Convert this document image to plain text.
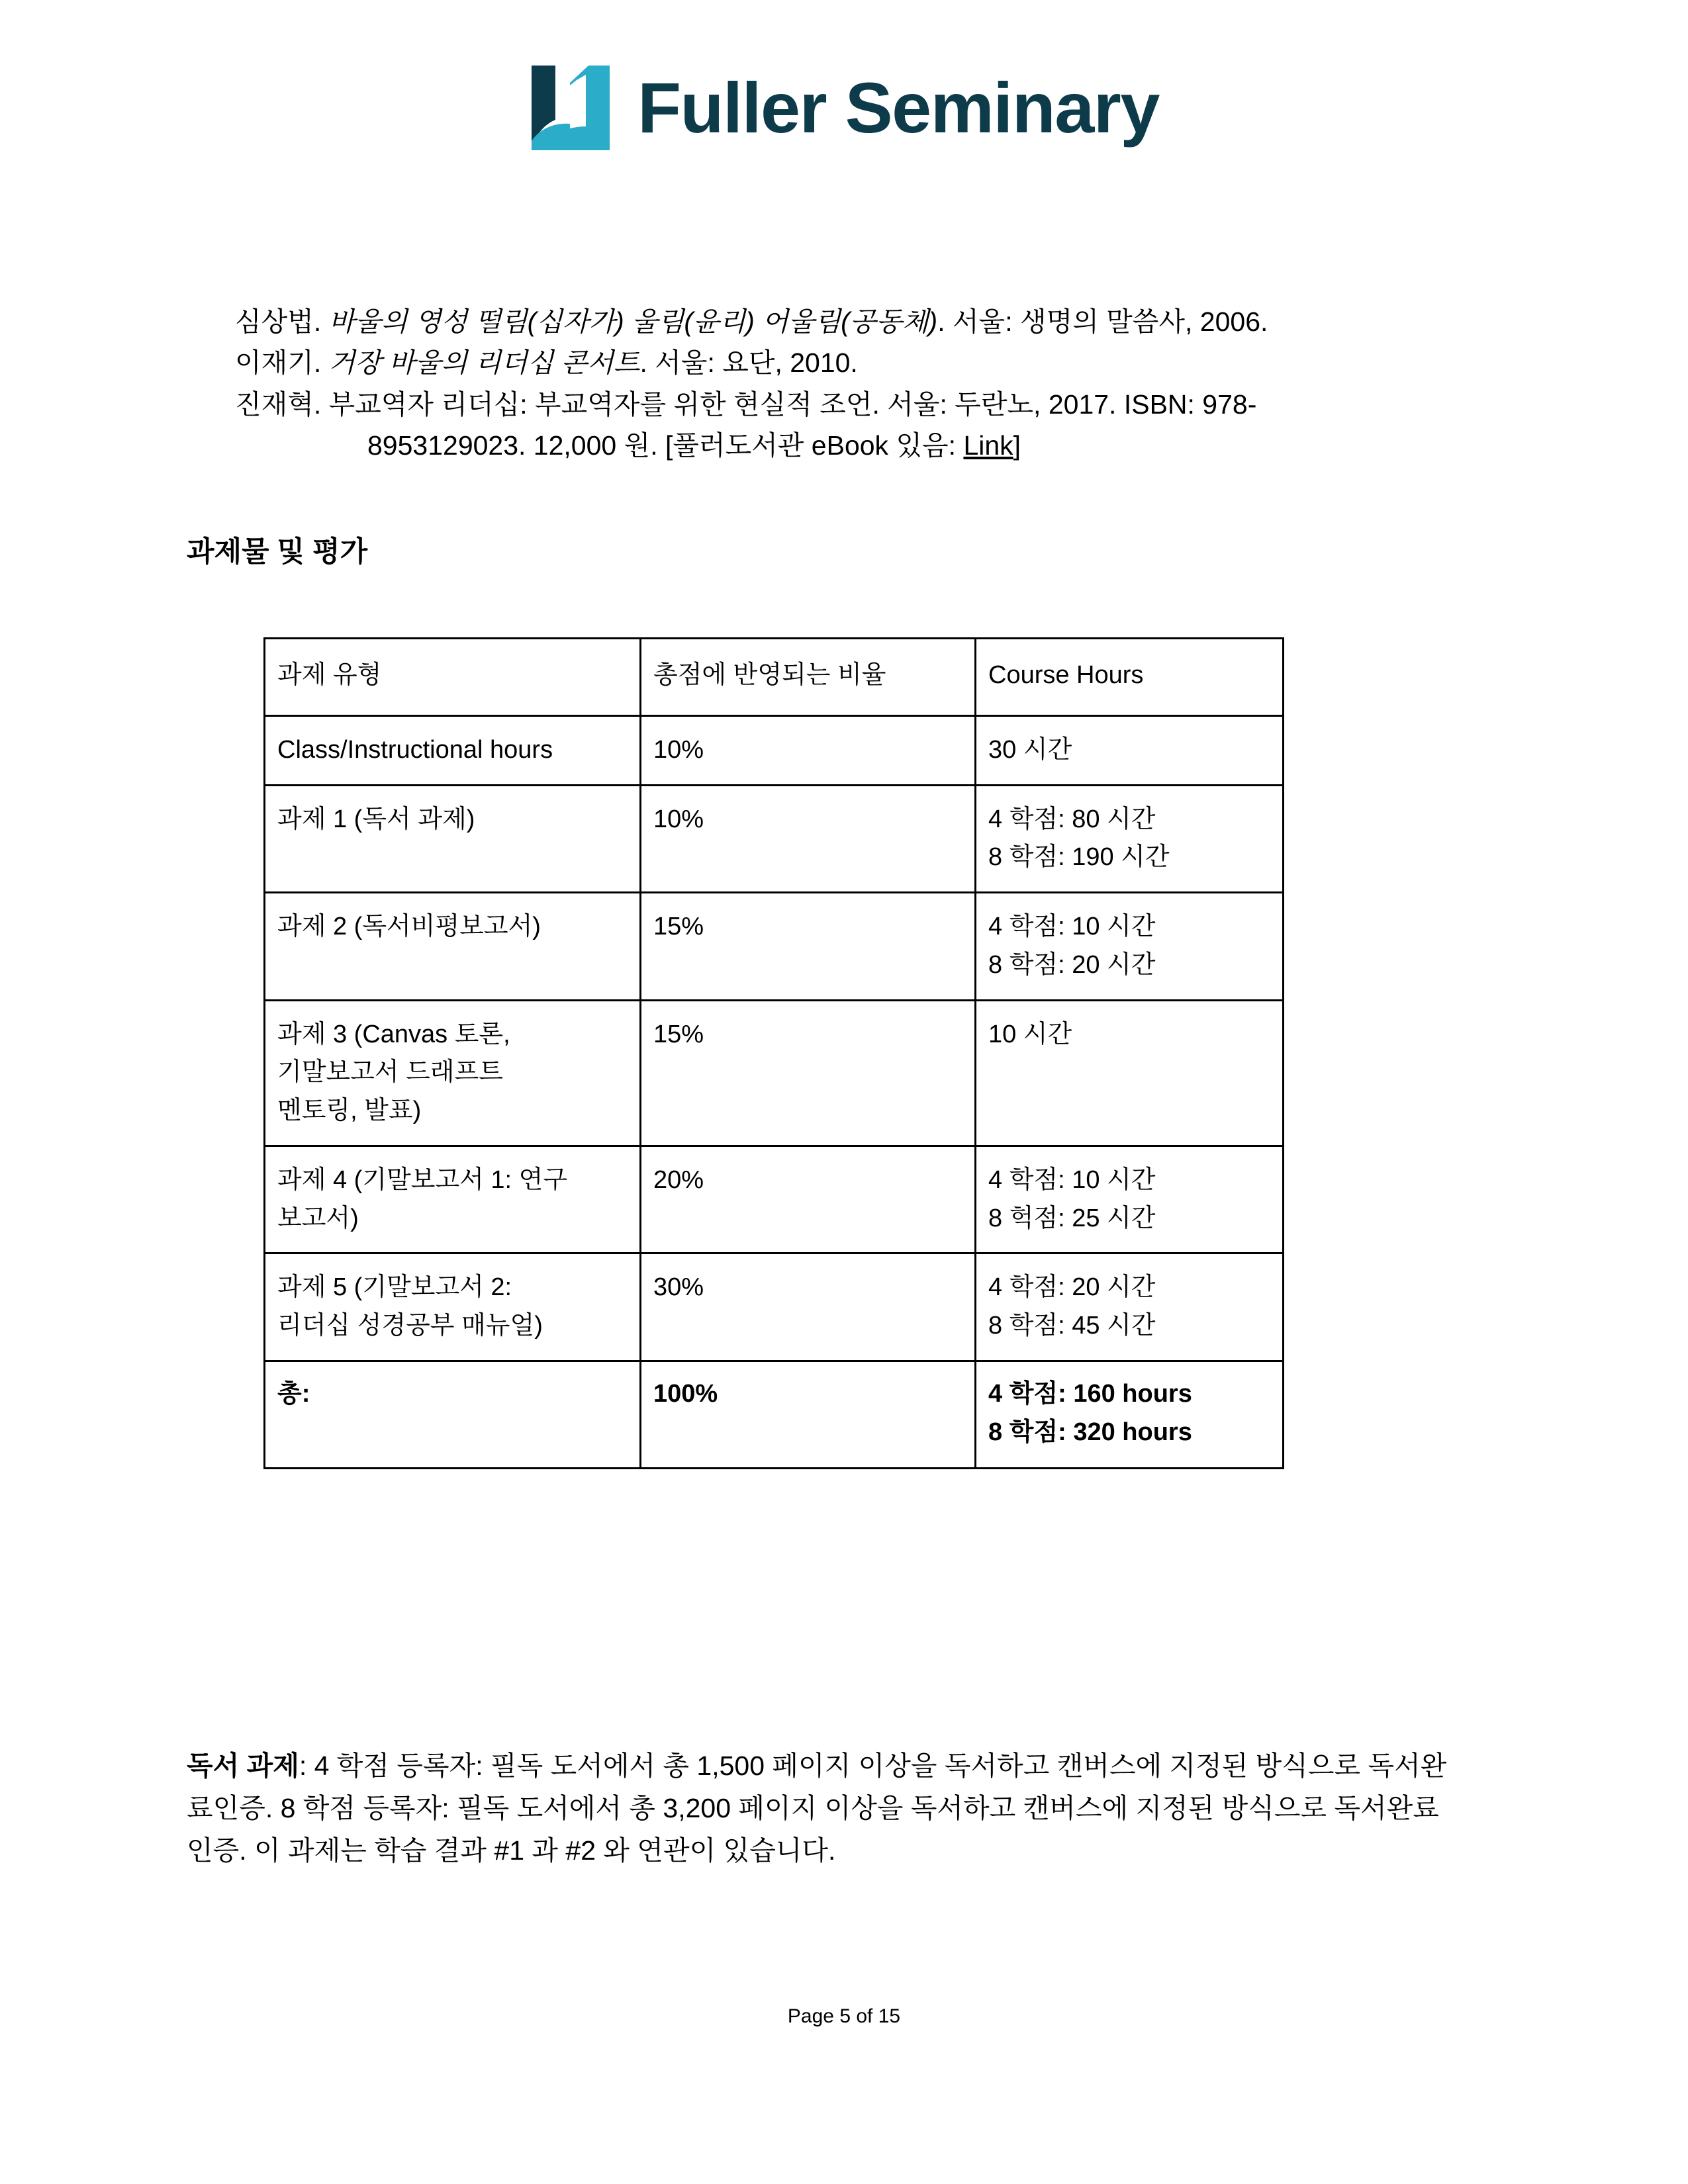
Fuller Seminary
심상법. 바울의 영성 떨림(십자가) 울림(윤리) 어울림(공동체). 서울: 생명의 말씀사, 2006.
이재기. 거장 바울의 리더십 콘서트. 서울: 요단, 2010.
진재혁. 부교역자 리더십: 부교역자를 위한 현실적 조언. 서울: 두란노, 2017. ISBN: 978-
8953129023. 12,000 원. [풀러도서관 eBook 있음: Link]
과제물 및 평가
과제 유형	총점에 반영되는 비율	Course Hours

Class/Instructional hours	10%	30 시간

과제 1 (독서 과제)	10%	4 학점: 80 시간
8 학점: 190 시간

과제 2 (독서비평보고서)	15%	4 학점: 10 시간
8 학점: 20 시간

과제 3 (Canvas 토론,
기말보고서 드래프트
멘토링, 발표)	15%	10 시간

과제 4 (기말보고서 1: 연구
보고서)	20%	4 학점: 10 시간
8 헉점: 25 시간

과제 5 (기말보고서 2:
리더십 성경공부 매뉴얼)	30%	4 학점: 20 시간
8 학점: 45 시간

총:	100%	4 학점: 160 hours
8 학점: 320 hours

독서 과제: 4 학점 등록자: 필독 도서에서 총 1,500 페이지 이상을 독서하고 캔버스에 지정된 방식으로 독서완료인증. 8 학점 등록자: 필독 도서에서 총 3,200 페이지 이상을 독서하고 캔버스에 지정된 방식으로 독서완료인증. 이 과제는 학습 결과 #1 과 #2 와 연관이 있습니다.

Page 5 of 15
